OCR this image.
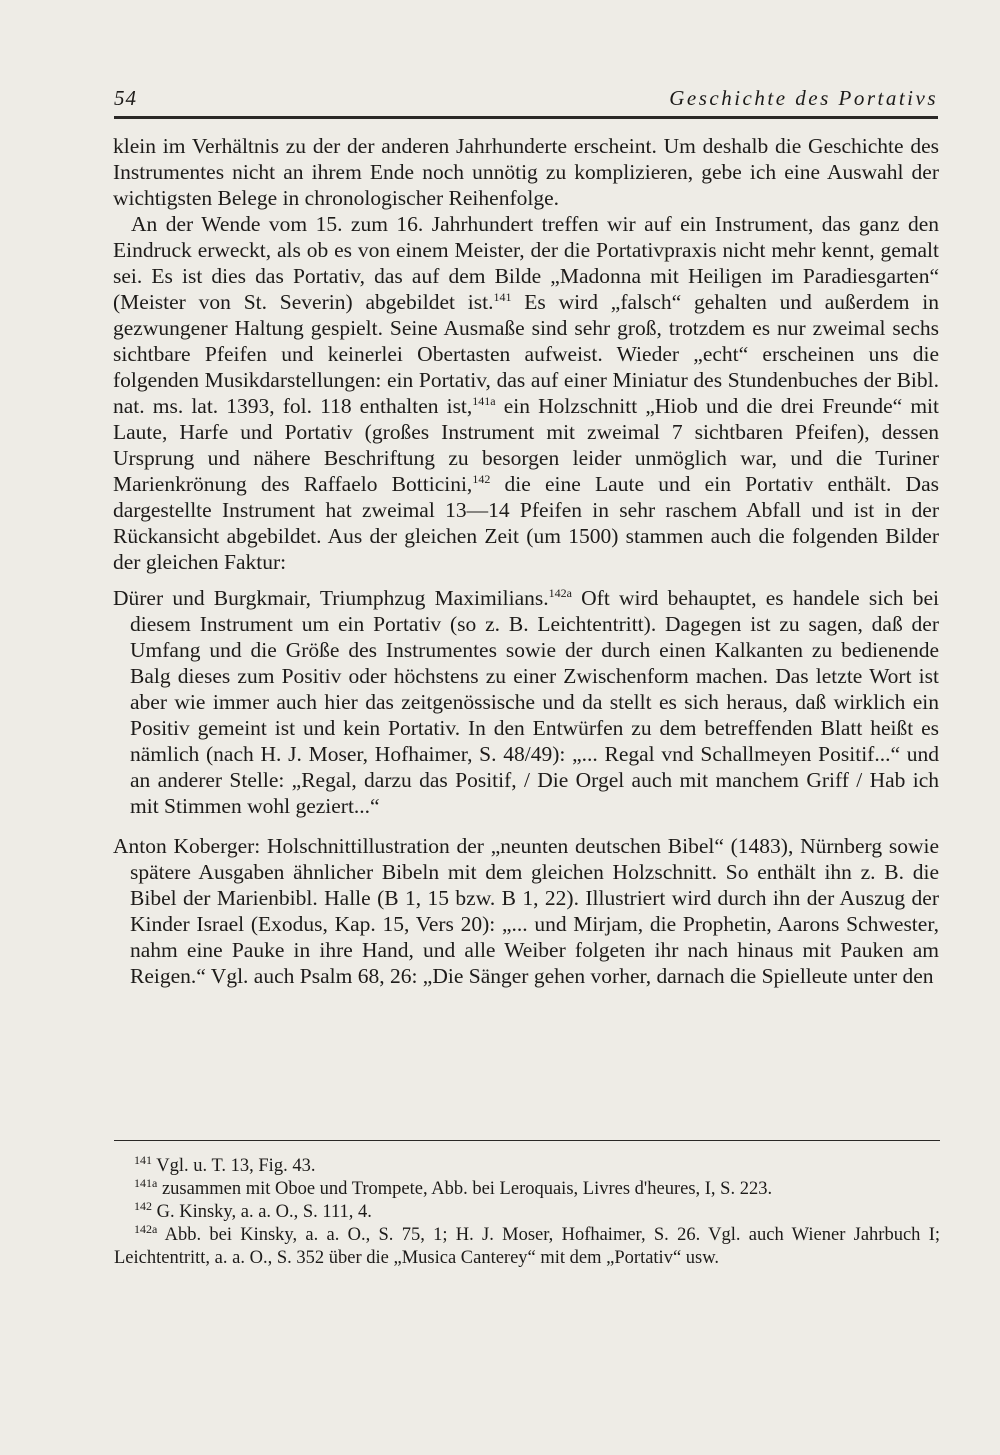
54	Geschichte des Portativs

klein im Verhältnis zu der der anderen Jahrhunderte erscheint. Um deshalb die Geschichte des Instrumentes nicht an ihrem Ende noch unnötig zu komplizieren, gebe ich eine Auswahl der wichtigsten Belege in chronologischer Reihenfolge.

An der Wende vom 15. zum 16. Jahrhundert treffen wir auf ein Instrument, das ganz den Eindruck erweckt, als ob es von einem Meister, der die Portativpraxis nicht mehr kennt, gemalt sei. Es ist dies das Portativ, das auf dem Bilde „Madonna mit Heiligen im Paradiesgarten“ (Meister von St. Severin) abgebildet ist.$^{141}$ Es wird „falsch“ gehalten und außerdem in gezwungener Haltung gespielt. Seine Ausmaße sind sehr groß, trotzdem es nur zweimal sechs sichtbare Pfeifen und keinerlei Obertasten aufweist. Wieder „echt“ erscheinen uns die folgenden Musikdarstellungen: ein Portativ, das auf einer Miniatur des Stundenbuches der Bibl. nat. ms. lat. 1393, fol. 118 enthalten ist,$^{141a}$ ein Holzschnitt „Hiob und die drei Freunde“ mit Laute, Harfe und Portativ (großes Instrument mit zweimal 7 sichtbaren Pfeifen), dessen Ursprung und nähere Beschriftung zu besorgen leider unmöglich war, und die Turiner Marienkrönung des Raffaelo Botticini,$^{142}$ die eine Laute und ein Portativ enthält. Das dargestellte Instrument hat zweimal 13—14 Pfeifen in sehr raschem Abfall und ist in der Rückansicht abgebildet. Aus der gleichen Zeit (um 1500) stammen auch die folgenden Bilder der gleichen Faktur:

Dürer und Burgkmair, Triumphzug Maximilians.$^{142a}$ Oft wird behauptet, es handele sich bei diesem Instrument um ein Portativ (so z. B. Leichtentritt). Dagegen ist zu sagen, daß der Umfang und die Größe des Instrumentes sowie der durch einen Kalkanten zu bedienende Balg dieses zum Positiv oder höchstens zu einer Zwischenform machen. Das letzte Wort ist aber wie immer auch hier das zeitgenössische und da stellt es sich heraus, daß wirklich ein Positiv gemeint ist und kein Portativ. In den Entwürfen zu dem betreffenden Blatt heißt es nämlich (nach H. J. Moser, Hofhaimer, S. 48/49): „... Regal vnd Schallmeyen Positif...“ und an anderer Stelle: „Regal, darzu das Positif, / Die Orgel auch mit manchem Griff / Hab ich mit Stimmen wohl geziert...“

Anton Koberger: Holschnittillustration der „neunten deutschen Bibel“ (1483), Nürnberg sowie spätere Ausgaben ähnlicher Bibeln mit dem gleichen Holzschnitt. So enthält ihn z. B. die Bibel der Marienbibl. Halle (B 1, 15 bzw. B 1, 22). Illustriert wird durch ihn der Auszug der Kinder Israel (Exodus, Kap. 15, Vers 20): „... und Mirjam, die Prophetin, Aarons Schwester, nahm eine Pauke in ihre Hand, und alle Weiber folgeten ihr nach hinaus mit Pauken am Reigen.“ Vgl. auch Psalm 68, 26: „Die Sänger gehen vorher, darnach die Spielleute unter den

$^{141}$ Vgl. u. T. 13, Fig. 43.

$^{141a}$ zusammen mit Oboe und Trompete, Abb. bei Leroquais, Livres d'heures, I, S. 223.

$^{142}$ G. Kinsky, a. a. O., S. 111, 4.

$^{142a}$ Abb. bei Kinsky, a. a. O., S. 75, 1; H. J. Moser, Hofhaimer, S. 26. Vgl. auch Wiener Jahrbuch I; Leichtentritt, a. a. O., S. 352 über die „Musica Canterey“ mit dem „Portativ“ usw.
